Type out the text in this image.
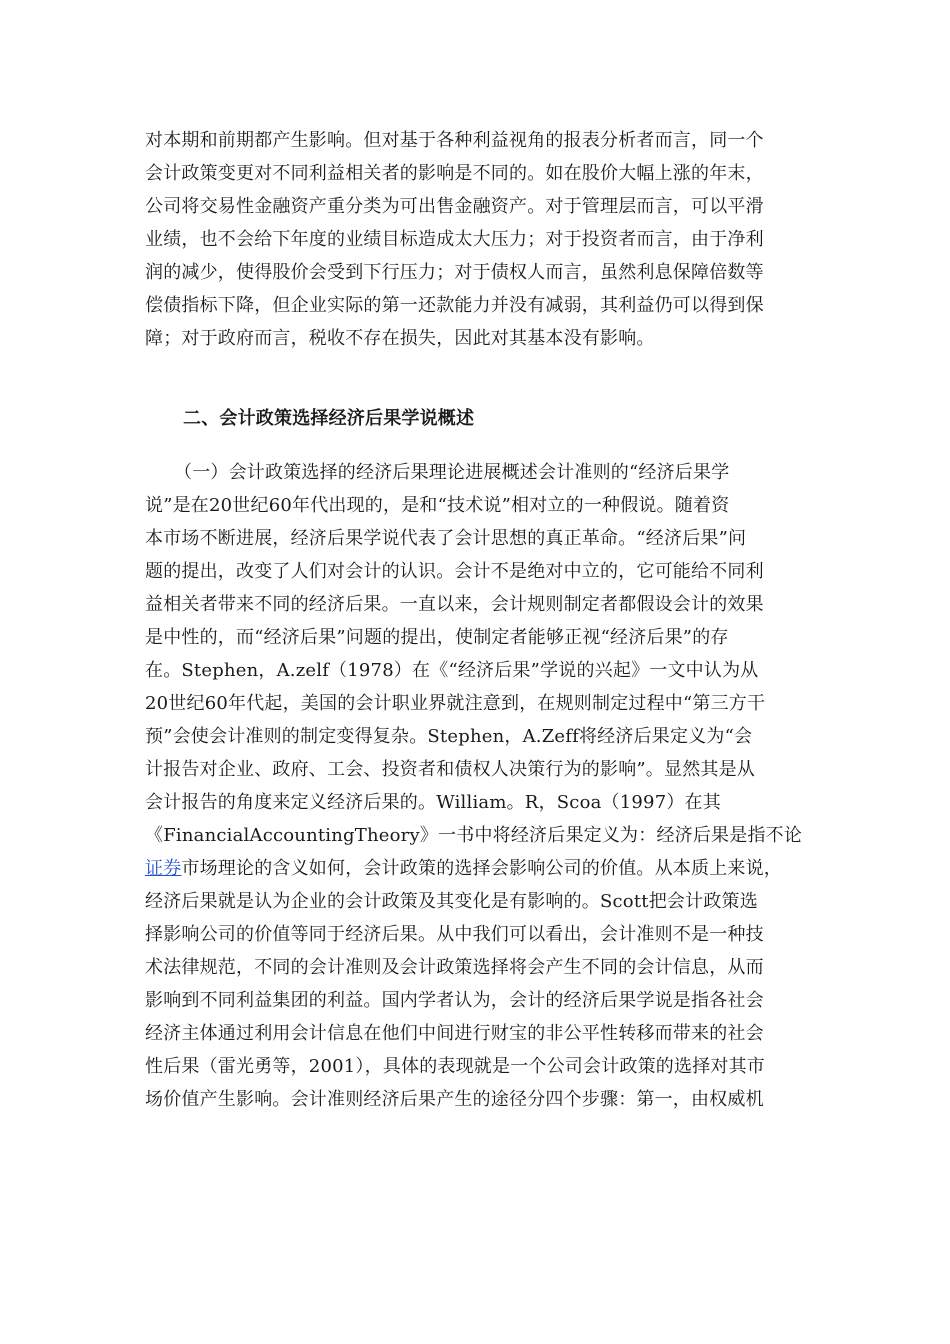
对本期和前期都产生影响。但对基于各种利益视角的报表分析者而言，同一个

会计政策变更对不同利益相关者的影响是不同的。如在股价大幅上涨的年末，

公司将交易性金融资产重分类为可出售金融资产。对于管理层而言，可以平滑

业绩，也不会给下年度的业绩目标造成太大压力；对于投资者而言，由于净利

润的减少，使得股价会受到下行压力；对于债权人而言，虽然利息保障倍数等

偿债指标下降，但企业实际的第一还款能力并没有减弱，其利益仍可以得到保

障；对于政府而言，税收不存在损失，因此对其基本没有影响。

二、会计政策选择经济后果学说概述

（一）会计政策选择的经济后果理论进展概述会计准则的“经济后果学

说”是在20世纪60年代出现的，是和“技术说”相对立的一种假说。随着资

本市场不断进展，经济后果学说代表了会计思想的真正革命。“经济后果”问

题的提出，改变了人们对会计的认识。会计不是绝对中立的，它可能给不同利

益相关者带来不同的经济后果。一直以来，会计规则制定者都假设会计的效果

是中性的，而“经济后果”问题的提出，使制定者能够正视“经济后果”的存

在。Stephen，A.zelf（1978）在《“经济后果”学说的兴起》一文中认为从

20世纪60年代起，美国的会计职业界就注意到，在规则制定过程中“第三方干

预”会使会计准则的制定变得复杂。Stephen，A.Zeff将经济后果定义为“会

计报告对企业、政府、工会、投资者和债权人决策行为的影响”。显然其是从

会计报告的角度来定义经济后果的。William。R，Scoa（1997）在其

《FinancialAccountingTheory》一书中将经济后果定义为：经济后果是指不论

证券市场理论的含义如何，会计政策的选择会影响公司的价值。从本质上来说，

经济后果就是认为企业的会计政策及其变化是有影响的。Scott把会计政策选

择影响公司的价值等同于经济后果。从中我们可以看出，会计准则不是一种技

术法律规范，不同的会计准则及会计政策选择将会产生不同的会计信息，从而

影响到不同利益集团的利益。国内学者认为，会计的经济后果学说是指各社会

经济主体通过利用会计信息在他们中间进行财宝的非公平性转移而带来的社会

性后果（雷光勇等，2001），具体的表现就是一个公司会计政策的选择对其市

场价值产生影响。会计准则经济后果产生的途径分四个步骤：第一，由权威机
